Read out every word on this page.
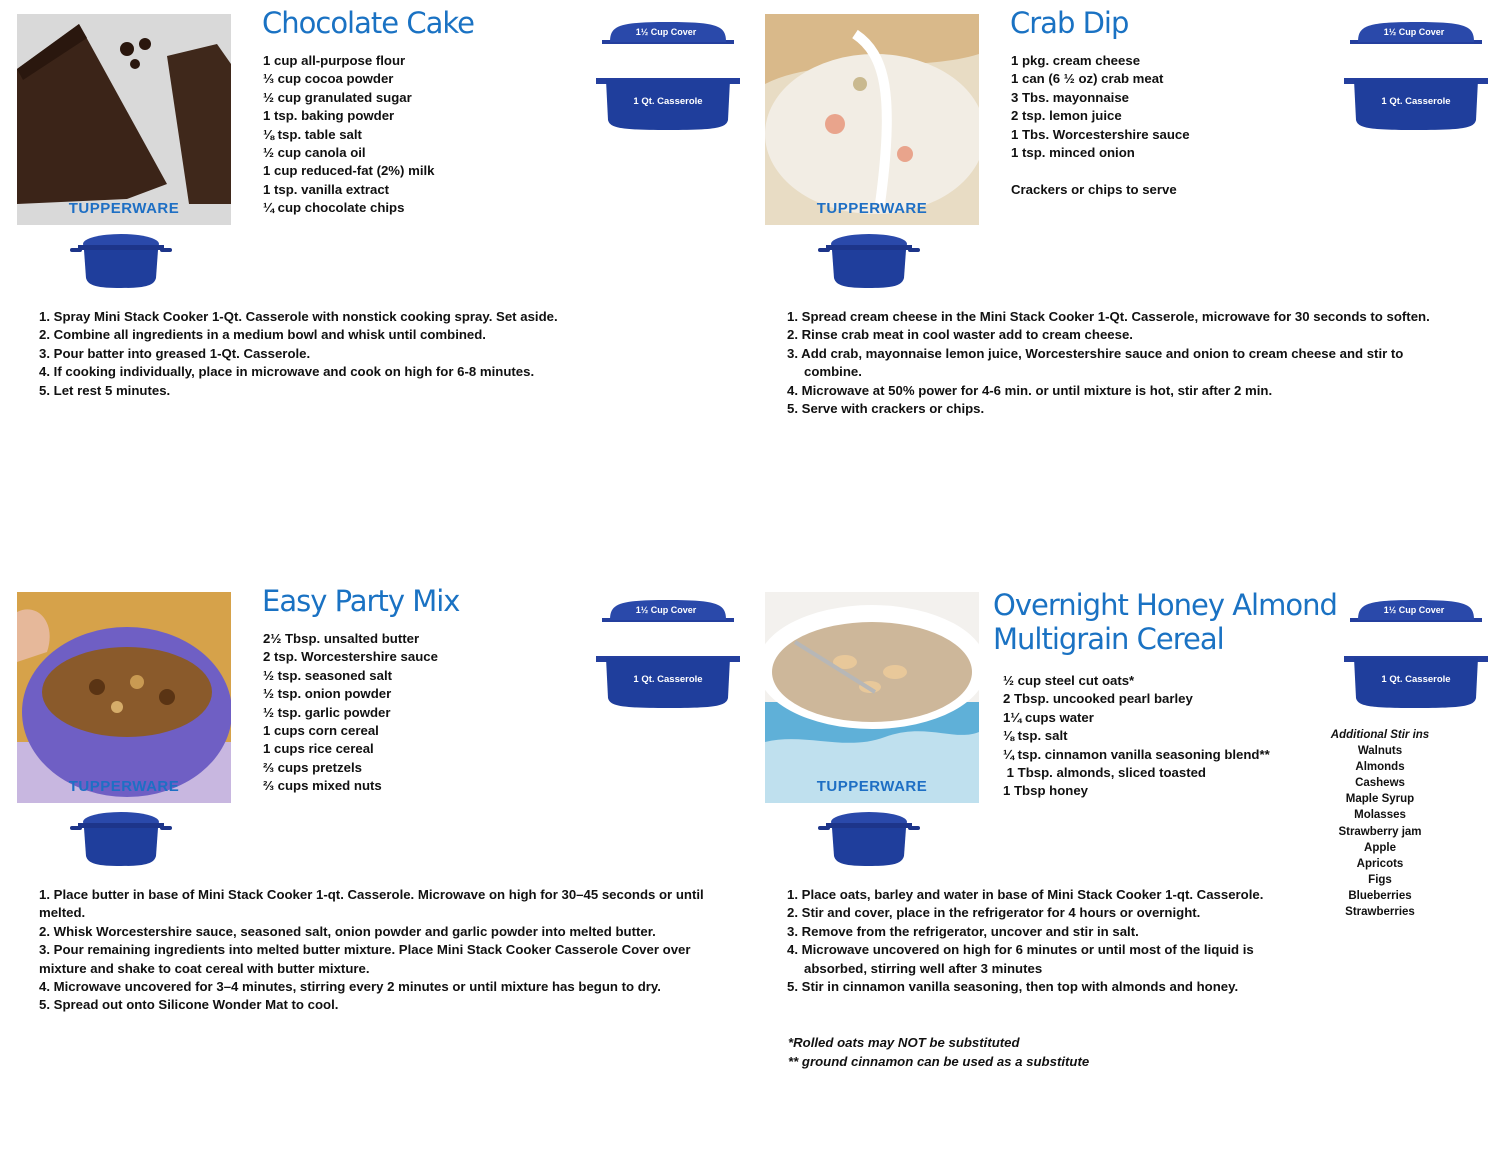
TUPPERWARE
Chocolate Cake
1 cup all-purpose flour
⅓ cup cocoa powder
½ cup granulated sugar
1 tsp. baking powder
⅛ tsp. table salt
½ cup canola oil
1 cup reduced-fat (2%) milk
1 tsp. vanilla extract
¼ cup chocolate chips
1½ Cup Cover
1 Qt. Casserole
1. Spray Mini Stack Cooker 1-Qt. Casserole with nonstick cooking spray. Set aside.
2. Combine all ingredients in a medium bowl and whisk until combined.
3. Pour batter into greased 1-Qt. Casserole.
4. If cooking individually, place in microwave and cook on high for 6-8 minutes.
5. Let rest 5 minutes.
TUPPERWARE
Crab Dip
1 pkg. cream cheese
1 can (6 ½ oz) crab meat
3 Tbs. mayonnaise
2 tsp. lemon juice
1 Tbs. Worcestershire sauce
1 tsp. minced onion
Crackers or chips to serve
1½ Cup Cover
1 Qt. Casserole
1. Spread cream cheese in the Mini Stack Cooker 1-Qt. Casserole, microwave for 30 seconds to soften.
2. Rinse crab meat in cool waster add to cream cheese.
3. Add crab, mayonnaise lemon juice, Worcestershire sauce and onion to cream cheese and stir to combine.
4. Microwave at 50% power for 4-6 min. or until mixture is hot, stir after 2 min.
5. Serve with crackers or chips.
TUPPERWARE
Easy Party Mix
2½ Tbsp. unsalted butter
2 tsp. Worcestershire sauce
½ tsp. seasoned salt
½ tsp. onion powder
½ tsp. garlic powder
1 cups corn cereal
1 cups rice cereal
⅔ cups pretzels
⅔ cups mixed nuts
1½ Cup Cover
1 Qt. Casserole
1. Place butter in base of Mini Stack Cooker 1-qt. Casserole. Microwave on high for 30–45 seconds or until melted.
2. Whisk Worcestershire sauce, seasoned salt, onion powder and garlic powder into melted butter.
3. Pour remaining ingredients into melted butter mixture. Place Mini Stack Cooker Casserole Cover over mixture and shake to coat cereal with butter mixture.
4. Microwave uncovered for 3–4 minutes, stirring every 2 minutes or until mixture has begun to dry.
5. Spread out onto Silicone Wonder Mat to cool.
TUPPERWARE
Overnight Honey Almond
Multigrain Cereal
½ cup steel cut oats*
2 Tbsp. uncooked pearl barley
1¼ cups water
⅛ tsp. salt
¼ tsp. cinnamon vanilla seasoning blend**
1 Tbsp. almonds, sliced toasted
1 Tbsp honey
1½ Cup Cover
1 Qt. Casserole
1. Place oats, barley and water in base of Mini Stack Cooker 1-qt. Casserole.
2. Stir and cover, place in the refrigerator for 4 hours or overnight.
3. Remove from the refrigerator, uncover and stir in salt.
4. Microwave uncovered on high for 6 minutes or until most of the liquid is absorbed, stirring well after 3 minutes
5. Stir in cinnamon vanilla seasoning, then top with almonds and honey.
Additional Stir ins
Walnuts
Almonds
Cashews
Maple Syrup
Molasses
Strawberry jam
Apple
Apricots
Figs
Blueberries
Strawberries
*Rolled oats may NOT be substituted
** ground cinnamon can be used as a substitute
